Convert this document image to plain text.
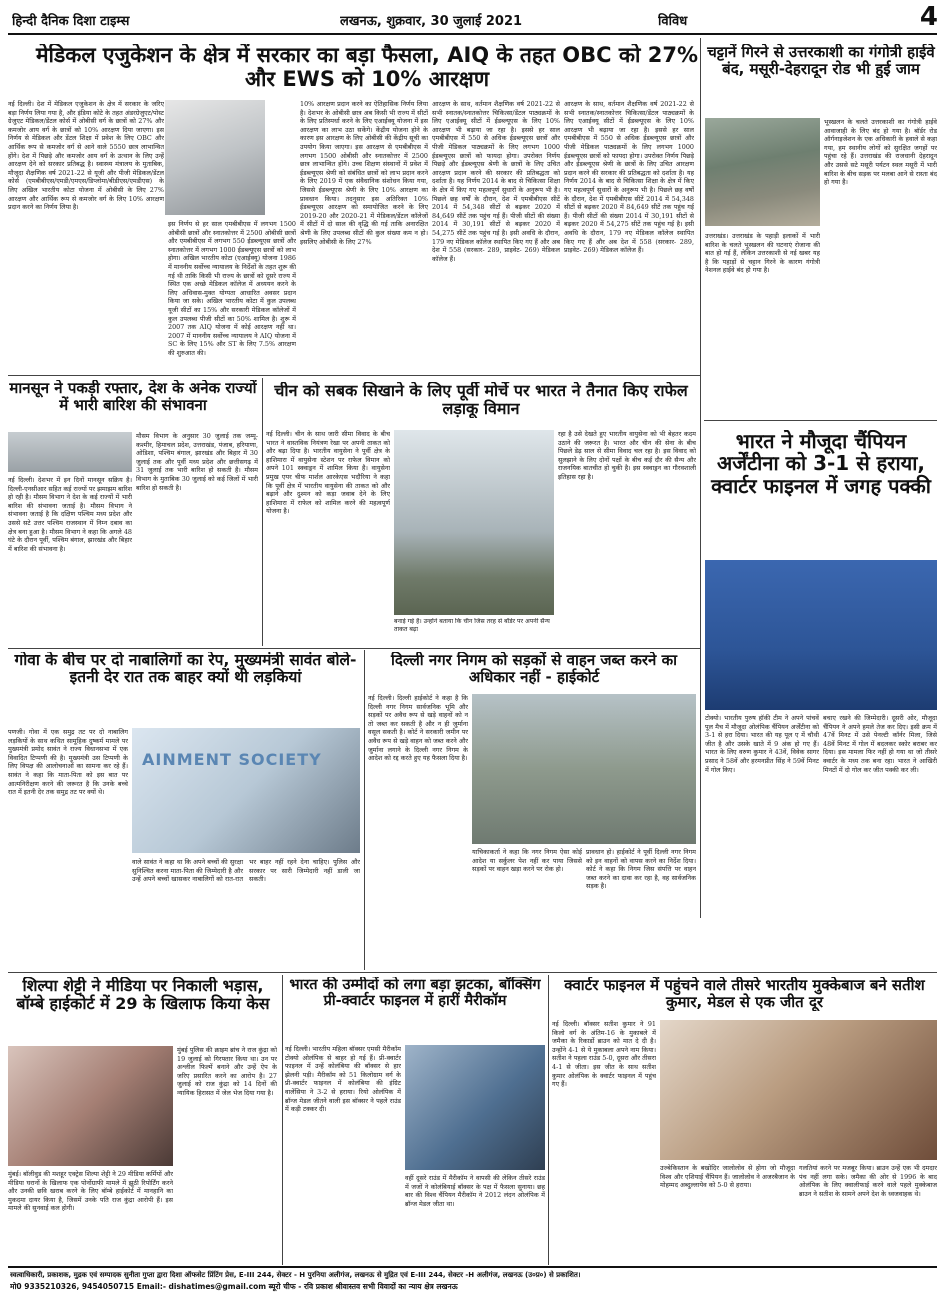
हिन्दी दैनिक दिशा टाइम्स	लखनऊ, शुक्रवार, 30 जुलाई 2021	विविध	4
मेडिकल एजुकेशन के क्षेत्र में सरकार का बड़ा फैसला, AIQ के तहत OBC को 27% और EWS को 10% आरक्षण
नई दिल्ली। देश में मेडिकल एजुकेशन के क्षेत्र में सरकार के जरिए बड़ा निर्णय लिया गया है, और इंडिया कोटे के तहत अंडरग्रेजुएट/पोस्ट ग्रेजुएट मेडिकल/डेंटल कोर्स में ओबीसी वर्ग के छात्रों को 27% और कमजोर आय वर्ग के छात्रों को 10% आरक्षण दिया जाएगा। इस निर्णय से मेडिकल और डेंटल शिक्षा में प्रवेश के लिए OBC और आर्थिक रूप से कमजोर वर्ग से आने वाले 5550 छात्र लाभान्वित होंगे। देश में पिछड़े और कमजोर आय वर्ग के उत्थान के लिए उन्हें आरक्षण देने को सरकार प्रतिबद्ध है। स्वास्थ्य मंत्रालय के मुताबिक, मौजूदा शैक्षणिक वर्ष 2021-22 से यूजी और पीजी मेडिकल/डेंटल कोर्स (एमबीबीएस/एमडी/एमएस/डिप्लोमा/बीडीएस/एमडीएस) के लिए अखिल भारतीय कोटा योजना में ओबीसी के लिए 27% आरक्षण और आर्थिक रूप से कमजोर वर्ग के लिए 10% आरक्षण प्रदान करने का निर्णय लिया है।
इस निर्णय से हर साल एमबीबीएस में लगभग 1500 ओबीसी छात्रों और स्नातकोत्तर में 2500 ओबीसी छात्रों और एमबीबीएस में लगभग 550 ईडब्ल्यूएस छात्रों और स्नातकोत्तर में लगभग 1000 ईडब्ल्यूएस छात्रों को लाभ होगा। अखिल भारतीय कोटा (एआईक्यू) योजना 1986 में माननीय सर्वोच्च न्यायालय के निर्देशों के तहत शुरू की गई थी ताकि किसी भी राज्य के छात्रों को दूसरे राज्य में स्थित एक अच्छे मेडिकल कॉलेज में अध्ययन करने के लिए अधिवास-मुक्त योग्यता आधारित अवसर प्रदान किया जा सके। अखिल भारतीय कोटा में कुल उपलब्ध यूजी सीटों का 15% और सरकारी मेडिकल कॉलेजों में कुल उपलब्ध पीजी सीटों का 50% शामिल है। शुरू में 2007 तक AIQ योजना में कोई आरक्षण नहीं था। 2007 में माननीय सर्वोच्च न्यायालय ने AIQ योजना में SC के लिए 15% और ST के लिए 7.5% आरक्षण की शुरुआत की।
10% आरक्षण प्रदान करने का ऐतिहासिक निर्णय लिया है। देशभर के ओबीसी छात्र अब किसी भी राज्य में सीटों के लिए प्रतिस्पर्धा करने के लिए एआईक्यू योजना में इस आरक्षण का लाभ उठा सकेंगे। केंद्रीय योजना होने के कारण इस आरक्षण के लिए ओबीसी की केंद्रीय सूची का उपयोग किया जाएगा। इस आरक्षण से एमबीबीएस में लगभग 1500 ओबीसी और स्नातकोत्तर में 2500 छात्र लाभान्वित होंगे। उच्च शिक्षण संस्थानों में प्रवेश में ईडब्ल्यूएस श्रेणी को संबंधित छात्रों को लाभ प्रदान करने के लिए 2019 में एक संवैधानिक संशोधन किया गया, जिससे ईडब्ल्यूएस श्रेणी के लिए 10% आरक्षण का प्रावधान किया। तदनुसार इस अतिरिक्त 10% ईडब्ल्यूएस आरक्षण को समायोजित करने के लिए 2019-20 और 2020-21 में मेडिकल/डेंटल कॉलेजों में सीटों में दो साल की वृद्धि की गई ताकि अनारक्षित श्रेणी के लिए उपलब्ध सीटों की कुल संख्या कम न हो। इसलिए ओबीसी के लिए 27%
आरक्षण के साथ, वर्तमान शैक्षणिक वर्ष 2021-22 से सभी स्नातक/स्नातकोत्तर चिकित्सा/डेंटल पाठ्यक्रमों के लिए एआईक्यू सीटों में ईडब्ल्यूएस के लिए 10% आरक्षण भी बढ़ाया जा रहा है। इससे हर साल एमबीबीएस में 550 से अधिक ईडब्ल्यूएस छात्रों और पीजी मेडिकल पाठ्यक्रमों के लिए लगभग 1000 ईडब्ल्यूएस छात्रों को फायदा होगा। उपरोक्त निर्णय पिछड़े और ईडब्ल्यूएस श्रेणी के छात्रों के लिए उचित आरक्षण प्रदान करने की सरकार की प्रतिबद्धता को दर्शाता है। यह निर्णय 2014 के बाद से चिकित्सा शिक्षा के क्षेत्र में किए गए महत्वपूर्ण सुधारों के अनुरूप भी है। पिछले छह वर्षों के दौरान, देश में एमबीबीएस सीटें 2014 में 54,348 सीटों से बढ़कर 2020 में 84,649 सीटें तक पहुंच गई हैं। पीजी सीटों की संख्या 2014 में 30,191 सीटों से बढ़कर 2020 में 54,275 सीटें तक पहुंच गई है। इसी अवधि के दौरान, 179 नए मेडिकल कॉलेज स्थापित किए गए हैं और अब देश में 558 (सरकार- 289, प्राइवेट- 269) मेडिकल कॉलेज हैं।
आरक्षण के साथ, वर्तमान शैक्षणिक वर्ष 2021-22 से सभी स्नातक/स्नातकोत्तर चिकित्सा/डेंटल पाठ्यक्रमों के लिए एआईक्यू सीटों में ईडब्ल्यूएस के लिए 10% आरक्षण भी बढ़ाया जा रहा है। इससे हर साल एमबीबीएस में 550 से अधिक ईडब्ल्यूएस छात्रों और पीजी मेडिकल पाठ्यक्रमों के लिए लगभग 1000 ईडब्ल्यूएस छात्रों को फायदा होगा। उपरोक्त निर्णय पिछड़े और ईडब्ल्यूएस श्रेणी के छात्रों के लिए उचित आरक्षण प्रदान करने की सरकार की प्रतिबद्धता को दर्शाता है। यह निर्णय 2014 के बाद से चिकित्सा शिक्षा के क्षेत्र में किए गए महत्वपूर्ण सुधारों के अनुरूप भी है। पिछले छह वर्षों के दौरान, देश में एमबीबीएस सीटें 2014 में 54,348 सीटों से बढ़कर 2020 में 84,649 सीटें तक पहुंच गई हैं। पीजी सीटों की संख्या 2014 में 30,191 सीटों से बढ़कर 2020 में 54,275 सीटें तक पहुंच गई है। इसी अवधि के दौरान, 179 नए मेडिकल कॉलेज स्थापित किए गए हैं और अब देश में 558 (सरकार- 289, प्राइवेट- 269) मेडिकल कॉलेज हैं।
चट्टानें गिरने से उत्तरकाशी का गंगोत्री हाईवे बंद, मसूरी-देहरादून रोड भी हुई जाम
उत्तराखंड। उत्तराखंड के पहाड़ी इलाकों में भारी बारिश के चलते भूस्खलन की घटनाएं रोजाना की बात हो गई हैं, लेकिन उत्तरकाशी से नई खबर यह है कि पहाड़ों से चट्टान गिरने के कारण गंगोत्री नेशनल हाईवे बंद हो गया है।
भूस्खलन के चलते उत्तरकाशी का गंगोत्री हाईवे आवाजाही के लिए बंद हो गया है। बॉर्डर रोड ऑर्गनाइजेशन के एक अधिकारी के हवाले से कहा गया, हम स्थानीय लोगों को सुरक्षित जगहों पर पहुंचा रहे हैं। उत्तराखंड की राजधानी देहरादून और उससे सटे मसूरी पर्यटन स्थल मसूरी में भारी बारिश के बीच सड़क पर मलबा आने से रास्ता बंद हो गया है।
मानसून ने पकड़ी रफ्तार, देश के अनेक राज्यों में भारी बारिश की संभावना
नई दिल्ली। देशभर में इन दिनों मानसून सक्रिय है। दिल्ली-एनसीआर सहित कई राज्यों पर झमाझम बारिश हो रही है। मौसम विभाग ने देश के कई राज्यों में भारी बारिश की संभावना जताई है। मौसम विभाग ने संभावना जताई है कि दक्षिण पश्चिम मध्य प्रदेश और उससे सटे उत्तर पश्चिम राजस्थान में निम्न दबाव का क्षेत्र बना हुआ है। मौसम विभाग ने कहा कि अगले 48 घंटे के दौरान पूर्वी, पश्चिम बंगाल, झारखंड और बिहार में बारिश की संभावना है।
मौसम विभाग के अनुसार 30 जुलाई तक जम्मू-कश्मीर, हिमाचल प्रदेश, उत्तराखंड, पंजाब, हरियाणा, ओडिशा, पश्चिम बंगाल, झारखंड और बिहार में 30 जुलाई तक और पूर्वी मध्य प्रदेश और छत्तीसगढ़ में 31 जुलाई तक भारी बारिश हो सकती है। मौसम विभाग के मुताबिक 30 जुलाई को कई जिलों में भारी बारिश हो सकती है।
चीन को सबक सिखाने के लिए पूर्वी मोर्चे पर भारत ने तैनात किए राफेल लड़ाकू विमान
नई दिल्ली। चीन के साथ जारी सीमा विवाद के बीच भारत ने वास्तविक नियंत्रण रेखा पर अपनी ताकत को और बढ़ा दिया है। भारतीय वायुसेना ने पूर्वी क्षेत्र के हाशिमारा में वायुसेना स्टेशन पर राफेल विमान को अपने 101 स्क्वाड्रन में शामिल किया है। वायुसेना प्रमुख एयर चीफ मार्शल आरकेएस भदौरिया ने कहा कि पूर्वी क्षेत्र में भारतीय वायुसेना की ताकत को और बढ़ाने और दुश्मन को कड़ा जवाब देने के लिए हाशिमारा में राफेल को शामिल करने की महत्वपूर्ण योजना है।
बनाई गई है। उन्होंने बताया कि चीन जिस तरह से बॉर्डर पर अपनी सैन्य ताकत बढ़ा
रहा है उसे देखते हुए भारतीय वायुसेना को भी बेहतर कदम उठाने की जरूरत है। भारत और चीन की सेना के बीच पिछले डेढ़ साल से सीमा विवाद चल रहा है। इस विवाद को सुलझाने के लिए दोनों पक्षों के बीच कई दौर की सैन्य और राजनयिक बातचीत हो चुकी है। इस स्क्वाड्रन का गौरवशाली इतिहास रहा है।
भारत ने मौजूदा चैंपियन अर्जेंटीना को 3-1 से हराया, क्वार्टर फाइनल में जगह पक्की
टोक्यो। भारतीय पुरुष हॉकी टीम ने अपने पांचवें पूल मैच में मौजूदा ओलंपिक चैंपियन अर्जेंटीना को 3-1 से हरा दिया। भारत की यह पूल ए में चौथी जीत है और उसके खाते में 9 अंक हो गए हैं। भारत के लिए वरुण कुमार ने 43वें, विवेक सागर प्रसाद ने 58वें और हरमनप्रीत सिंह ने 59वें मिनट में गोल किए।
बचाए रखने की जिम्मेदारी। दूसरी ओर, मौजूदा चैंपियन ने अपने हमले तेज कर दिए। इसी क्रम में 47वें मिनट में उसे पेनल्टी कॉर्नर मिला, जिसे 48वें मिनट में गोल में बदलकर स्कोर बराबर कर दिया। इस मामला फिर नहीं हो गया था जो तीसरे क्वार्टर के मध्य तक बना रहा। भारत ने आखिरी मिनटों में दो गोल कर जीत पक्की कर ली।
गोवा के बीच पर दो नाबालिगों का रेप, मुख्यमंत्री सावंत बोले- इतनी देर रात तक बाहर क्यों थी लड़कियां
AINMENT SOCIETY
पणजी। गोवा में एक समुद्र तट पर दो नाबालिग लड़कियों के साथ कथित सामूहिक दुष्कर्म मामले पर मुख्यमंत्री प्रमोद सावंत ने राज्य विधानसभा में एक विवादित टिप्पणी की है। मुख्यमंत्री उस टिप्पणी के लिए विपक्ष की आलोचनाओं का सामना कर रहे हैं। सावंत ने कहा कि माता-पिता को इस बात पर आत्मनिरीक्षण करने की जरूरत है कि उनके बच्चे रात में इतनी देर तक समुद्र तट पर क्यों थे।
वाले सावंत ने कहा था कि अपने बच्चों की सुरक्षा सुनिश्चित करना माता-पिता की जिम्मेदारी है और उन्हें अपने बच्चों खासकर नाबालिगों को रात-रात भर बाहर नहीं रहने देना चाहिए। पुलिस और सरकार पर सारी जिम्मेदारी नहीं डाली जा सकती।
दिल्ली नगर निगम को सड़कों से वाहन जब्त करने का अधिकार नहीं - हाईकोर्ट
नई दिल्ली। दिल्ली हाईकोर्ट ने कहा है कि दिल्ली नगर निगम सार्वजनिक भूमि और सड़कों पर अवैध रूप से खड़े वाहनों को न तो जब्त कर सकती है और न ही जुर्माना वसूल सकती है। कोर्ट ने सरकारी जमीन पर अवैध रूप से खड़े वाहन को जब्त करने और जुर्माना लगाने के दिल्ली नगर निगम के आदेश को रद्द करते हुए यह फैसला दिया है।
याचिकाकर्ता ने कहा कि नगर निगम ऐसा कोई आदेश या सर्कुलर पेश नहीं कर पाया जिससे सड़कों पर वाहन खड़ा करने पर रोक हो।
प्रावधान हो। हाईकोर्ट ने पूर्वी दिल्ली नगर निगम को इन वाहनों को वापस करने का निर्देश दिया। कोर्ट ने कहा कि निगम जिस संपत्ति पर वाहन जब्त करने का दावा कर रहा है, वह सार्वजनिक सड़क है।
शिल्पा शेट्टी ने मीडिया पर निकाली भड़ास, बॉम्बे हाईकोर्ट में 29 के खिलाफ किया केस
मुंबई। बॉलीवुड की मशहूर एक्ट्रेस शिल्पा शेट्टी ने 29 मीडिया कर्मियों और मीडिया घरानों के खिलाफ एक पोर्नोग्राफी मामले में झूठी रिपोर्टिंग करने और उनकी छवि खराब करने के लिए बॉम्बे हाईकोर्ट में मानहानि का मुकदमा दायर किया है, जिसमें उनके पति राज कुंद्रा आरोपी हैं। इस मामले की सुनवाई कल होगी।
मुंबई पुलिस की क्राइम ब्रांच ने राज कुंद्रा को 19 जुलाई को गिरफ्तार किया था। उन पर अश्लील फिल्में बनाने और उन्हें ऐप के जरिए प्रसारित करने का आरोप है। 27 जुलाई को राज कुंद्रा को 14 दिनों की न्यायिक हिरासत में जेल भेज दिया गया है।
भारत की उम्मीदों को लगा बड़ा झटका, बॉक्सिंग प्री-क्वार्टर फाइनल में हारीं मैरीकॉम
नई दिल्ली। भारतीय महिला बॉक्सर एमसी मैरीकॉम टोक्यो ओलंपिक से बाहर हो गई हैं। प्री-क्वार्टर फाइनल में उन्हें कोलंबिया की बॉक्सर से हार झेलनी पड़ी। मैरीकॉम को 51 किलोग्राम वर्ग के प्री-क्वार्टर फाइनल में कोलंबिया की इंग्रिट वालेंसिया ने 3-2 से हराया। रियो ओलंपिक में ब्रॉन्ज मेडल जीतने वाली इस बॉक्सर ने पहले राउंड में कड़ी टक्कर दी।
वहीं दूसरे राउंड में मैरीकॉम ने वापसी की लेकिन तीसरे राउंड में जजों ने कोलंबियाई बॉक्सर के पक्ष में फैसला सुनाया। छह बार की विश्व चैंपियन मैरीकॉम ने 2012 लंदन ओलंपिक में ब्रॉन्ज मेडल जीता था।
क्वार्टर फाइनल में पहुंचने वाले तीसरे भारतीय मुक्केबाज बने सतीश कुमार, मेडल से एक जीत दूर
नई दिल्ली। बॉक्सर सतीश कुमार ने 91 किलो वर्ग के अंतिम-16 के मुकाबले में जमैका के रिकार्डो ब्राउन को मात दे दी है। उन्होंने 4-1 से ये मुकाबला अपने नाम किया। सतीश ने पहला राउंड 5-0, दूसरा और तीसरा 4-1 से जीता। इस जीत के साथ सतीश कुमार ओलंपिक के क्वार्टर फाइनल में पहुंच गए हैं।
उज्बेकिस्तान के बखोदिर जालोलोव से होगा जो मौजूदा विश्व और एशियाई चैंपियन हैं। जालोलोव ने अजरबैजान के मोहम्मद अब्दुल्लायेव को 5-0 से हराया।
गलतियां करने पर मजबूर किया। ब्राउन उन्हें एक भी दमदार पंच नहीं लगा सके। जमैका की ओर से 1996 के बाद ओलंपिक के लिए क्वालीफाई करने वाले पहले मुक्केबाज ब्राउन ने सतीश के सामने अपने देश के ध्वजवाहक थे।
स्वत्वाधिकारी, प्रकाशक, मुद्रक एवं सम्पादक सुनीता गुप्ता द्वारा दिशा ऑफसेट प्रिंटिंग प्रेस, E-III 244, सेक्टर - H पुरनिया अलीगंज, लखनऊ से मुद्रित एवं E-III 244, सेक्टर -H अलीगंज, लखनऊ (उ०प्र०) से प्रकाशित।
मो0 9335210326, 9454050715 Email:- dishatimes@gmail.com ब्यूरो चीफ - रवि प्रकाश श्रीवास्तव सभी विवादों का न्याय क्षेत्र लखनऊ
